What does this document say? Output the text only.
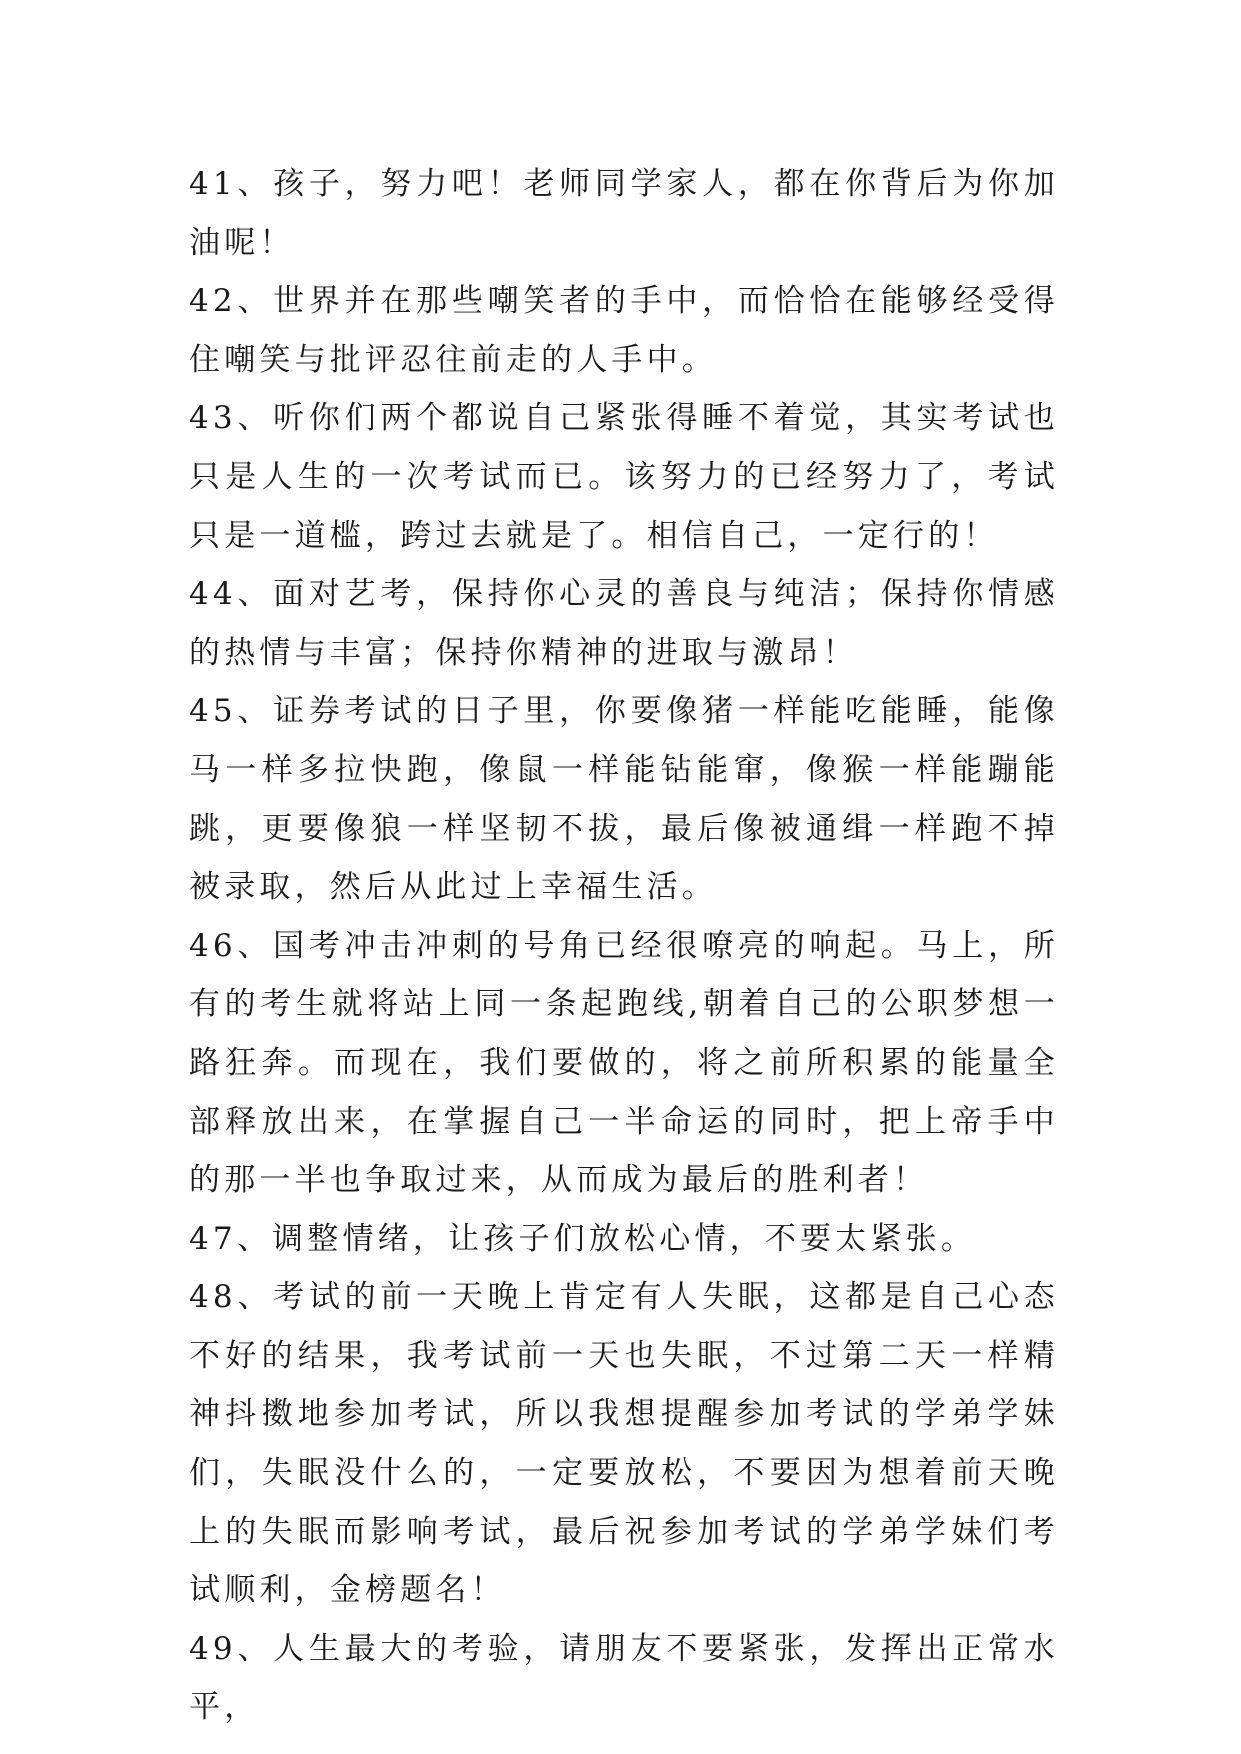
41、孩子，努力吧！老师同学家人，都在你背后为你加油呢！

42、世界并在那些嘲笑者的手中，而恰恰在能够经受得住嘲笑与批评忍往前走的人手中。

43、听你们两个都说自己紧张得睡不着觉，其实考试也只是人生的一次考试而已。该努力的已经努力了，考试只是一道槛，跨过去就是了。相信自己，一定行的！

44、面对艺考，保持你心灵的善良与纯洁；保持你情感的热情与丰富；保持你精神的进取与激昂！

45、证券考试的日子里，你要像猪一样能吃能睡，能像马一样多拉快跑，像鼠一样能钻能窜，像猴一样能蹦能跳，更要像狼一样坚韧不拔，最后像被通缉一样跑不掉被录取，然后从此过上幸福生活。

46、国考冲击冲刺的号角已经很嘹亮的响起。马上，所有的考生就将站上同一条起跑线,朝着自己的公职梦想一路狂奔。而现在，我们要做的，将之前所积累的能量全部释放出来，在掌握自己一半命运的同时，把上帝手中的那一半也争取过来，从而成为最后的胜利者！

47、调整情绪，让孩子们放松心情，不要太紧张。

48、考试的前一天晚上肯定有人失眠，这都是自己心态不好的结果，我考试前一天也失眠，不过第二天一样精神抖擞地参加考试，所以我想提醒参加考试的学弟学妹们，失眠没什么的，一定要放松，不要因为想着前天晚上的失眠而影响考试，最后祝参加考试的学弟学妹们考试顺利，金榜题名！

49、人生最大的考验，请朋友不要紧张，发挥出正常水平，
